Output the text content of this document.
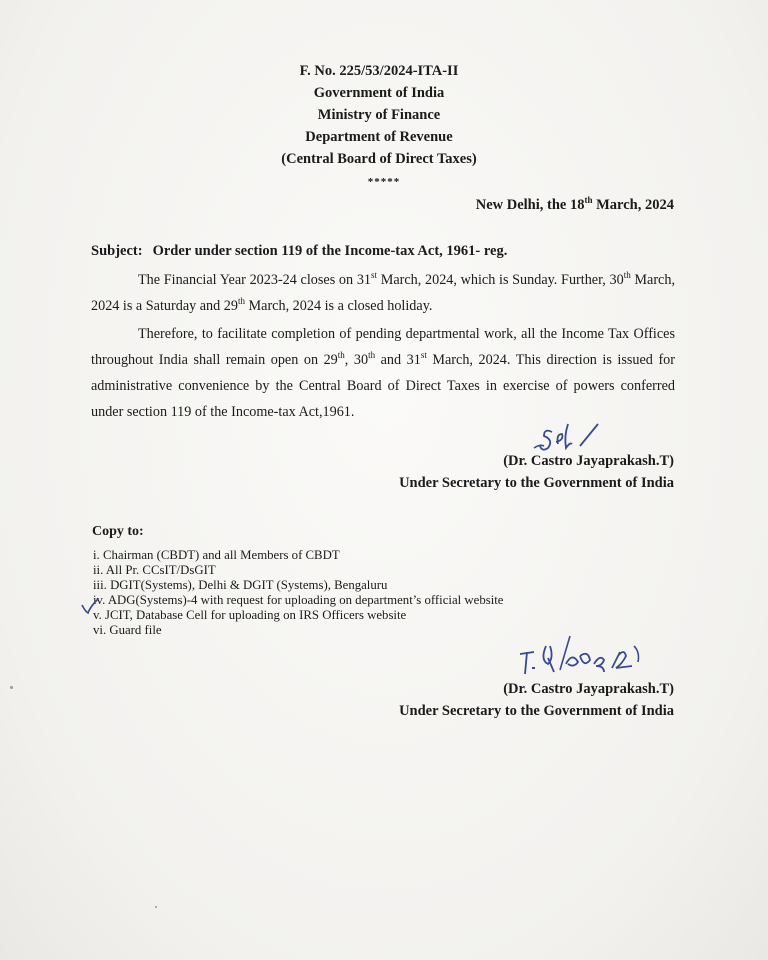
F. No. 225/53/2024-ITA-II
Government of India
Ministry of Finance
Department of Revenue
(Central Board of Direct Taxes)
*****
New Delhi, the 18th March, 2024
Subject: Order under section 119 of the Income-tax Act, 1961- reg.

The Financial Year 2023-24 closes on 31st March, 2024, which is Sunday. Further, 30th March, 2024 is a Saturday and 29th March, 2024 is a closed holiday.

Therefore, to facilitate completion of pending departmental work, all the Income Tax Offices throughout India shall remain open on 29th, 30th and 31st March, 2024. This direction is issued for administrative convenience by the Central Board of Direct Taxes in exercise of powers conferred under section 119 of the Income-tax Act,1961.

(Dr. Castro Jayaprakash.T)
Under Secretary to the Government of India
Copy to:
i. Chairman (CBDT) and all Members of CBDT
ii. All Pr. CCsIT/DsGIT
iii. DGIT(Systems), Delhi & DGIT (Systems), Bengaluru
iv. ADG(Systems)-4 with request for uploading on department’s official website
v. JCIT, Database Cell for uploading on IRS Officers website
vi. Guard file
(Dr. Castro Jayaprakash.T)
Under Secretary to the Government of India
